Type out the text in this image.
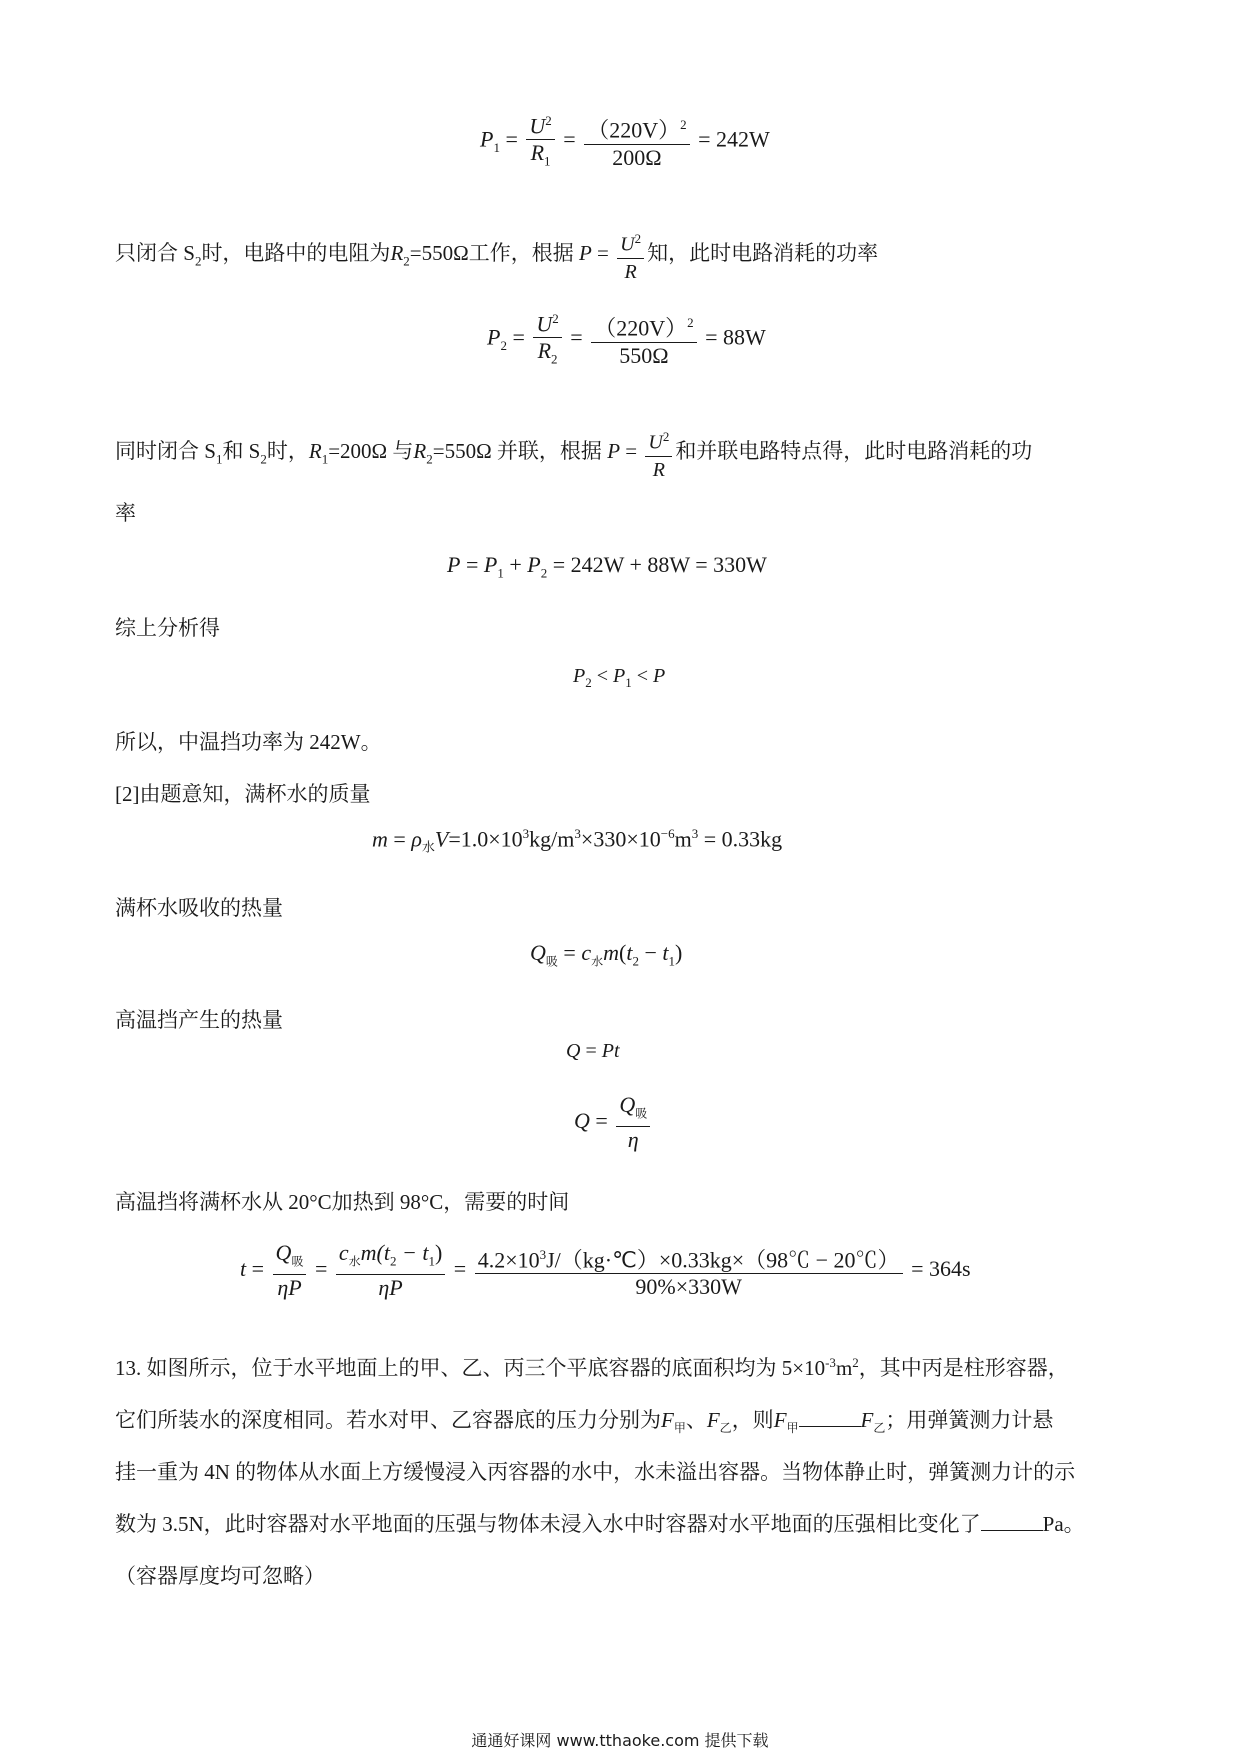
$P_1 = \frac{U^2}{R_1} = \frac{(220V)^2}{200\Omega} = 242W$
只闭合 $S_2$时，电路中的电阻为$R_2=550\Omega$工作，根据 $P = \frac{U^2}{R}$ 知，此时电路消耗的功率
$P_2 = \frac{U^2}{R_2} = \frac{(220V)^2}{550\Omega} = 88W$
同时闭合 $S_1$和 $S_2$时，$R_1=200\Omega$ 与$R_2=550\Omega$ 并联，根据 $P = \frac{U^2}{R}$ 和并联电路特点得，此时电路消耗的功
率
$P = P_1 + P_2 = 242W + 88W = 330W$
综上分析得
$P_2 < P_1 < P$
所以，中温挡功率为 242W。
[2]由题意知，满杯水的质量
$m = \rho_水V=1.0\times 10^3kg/m^3\times 330\times 10^{-6}m^3 = 0.33kg$
满杯水吸收的热量
$Q_吸 = c_水m(t_2 - t_1)$
高温挡产生的热量
Q = Pt
$Q = \frac{Q_吸}{\eta}$
高温挡将满杯水从 20°C加热到 98°C，需要的时间
$t = \frac{Q_吸}{\eta P} = \frac{c_水m(t_2 - t_1)}{\eta P} = \frac{4.2\times 10^3J/(kg\cdot℃)\times 0.33kg\times(98℃ - 20℃)}{90\%\times 330W} = 364s$
13. 如图所示，位于水平地面上的甲、乙、丙三个平底容器的底面积均为 $5\times 10^{-3}m^2$，其中丙是柱形容器，
它们所装水的深度相同。若水对甲、乙容器底的压力分别为$F_甲$、$F_乙$，则$F_甲$	$F_乙$；用弹簧测力计悬
挂一重为 4N 的物体从水面上方缓慢浸入丙容器的水中，水未溢出容器。当物体静止时，弹簧测力计的示
数为 3.5N，此时容器对水平地面的压强与物体未浸入水中时容器对水平地面的压强相比变化了	Pa。
（容器厚度均可忽略）
通通好课网 www.tthaoke.com 提供下载
